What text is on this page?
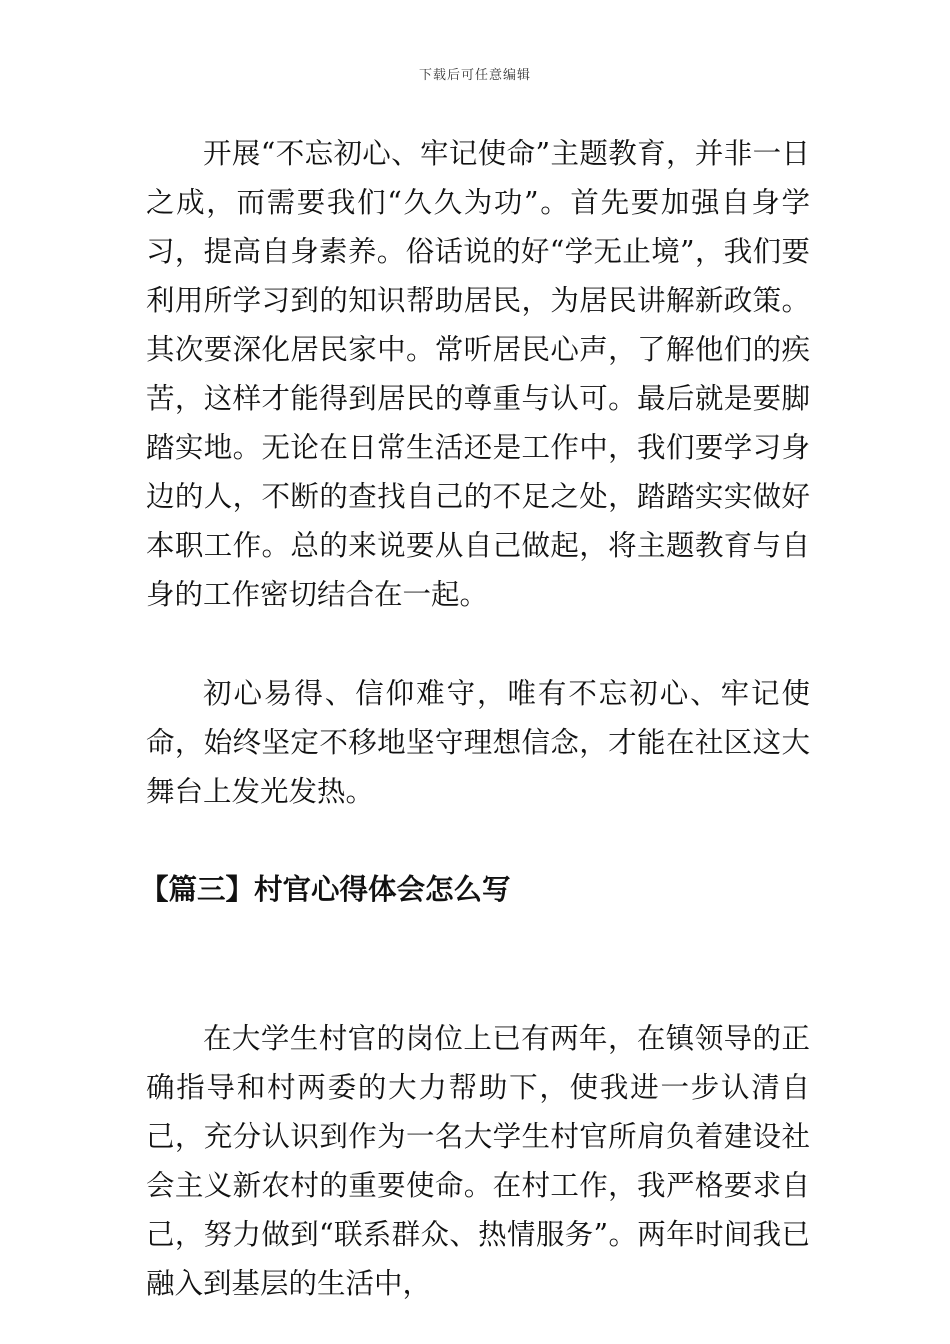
下载后可任意编辑

开展“不忘初心、牢记使命”主题教育，并非一日之成，而需要我们“久久为功”。首先要加强自身学习，提高自身素养。俗话说的好“学无止境”，我们要利用所学习到的知识帮助居民，为居民讲解新政策。其次要深化居民家中。常听居民心声，了解他们的疾苦，这样才能得到居民的尊重与认可。最后就是要脚踏实地。无论在日常生活还是工作中，我们要学习身边的人，不断的查找自己的不足之处，踏踏实实做好本职工作。总的来说要从自己做起，将主题教育与自身的工作密切结合在一起。

初心易得、信仰难守，唯有不忘初心、牢记使命，始终坚定不移地坚守理想信念，才能在社区这大舞台上发光发热。

【篇三】村官心得体会怎么写

在大学生村官的岗位上已有两年，在镇领导的正确指导和村两委的大力帮助下，使我进一步认清自己，充分认识到作为一名大学生村官所肩负着建设社会主义新农村的重要使命。在村工作，我严格要求自己，努力做到“联系群众、热情服务”。两年时间我已融入到基层的生活中，
